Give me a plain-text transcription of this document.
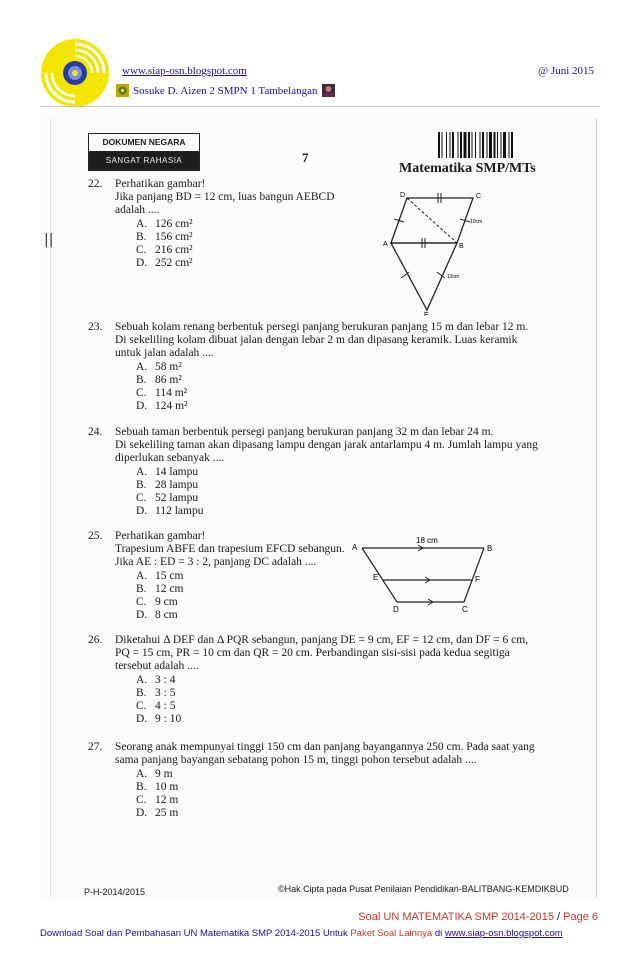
www.siap-osn.blogspot.com	@ Juni 2015
Sosuke D. Aizen 2 SMPN 1 Tambelangan
||
DOKUMEN NEGARA
SANGAT RAHASIA	7
Matematika SMP/MTs
22. Perhatikan gambar!
Jika panjang BD = 12 cm, luas bangun AEBCD adalah ....
A. 126 cm²
B. 156 cm²
C. 216 cm²
D. 252 cm²
D	C
A	B
E
10cm
13cm
23. Sebuah kolam renang berbentuk persegi panjang berukuran panjang 15 m dan lebar 12 m.
Di sekeliling kolam dibuat jalan dengan lebar 2 m dan dipasang keramik. Luas keramik
untuk jalan adalah ....
A. 58 m²
B. 86 m²
C. 114 m²
D. 124 m²
24. Sebuah taman berbentuk persegi panjang berukuran panjang 32 m dan lebar 24 m.
Di sekeliling taman akan dipasang lampu dengan jarak antarlampu 4 m. Jumlah lampu yang
diperlukan sebanyak ....
A. 14 lampu
B. 28 lampu
C. 52 lampu
D. 112 lampu
25. Perhatikan gambar!
Trapesium ABFE dan trapesium EFCD sebangun.
Jika AE : ED = 3 : 2, panjang DC adalah ....
A. 15 cm
B. 12 cm
C. 9 cm
D. 8 cm
A	B
E	F
D	C
18 cm
26. Diketahui Δ DEF dan Δ PQR sebangun, panjang DE = 9 cm, EF = 12 cm, dan DF = 6 cm,
PQ = 15 cm, PR = 10 cm dan QR = 20 cm. Perbandingan sisi-sisi pada kedua segitiga
tersebut adalah ....
A. 3 : 4
B. 3 : 5
C. 4 : 5
D. 9 : 10
27. Seorang anak mempunyai tinggi 150 cm dan panjang bayangannya 250 cm. Pada saat yang
sama panjang bayangan sebatang pohon 15 m, tinggi pohon tersebut adalah ....
A. 9 m
B. 10 m
C. 12 m
D. 25 m
P-H-2014/2015	©Hak Cipta pada Pusat Penilaian Pendidikan-BALITBANG-KEMDIKBUD
Soal UN MATEMATIKA SMP 2014-2015 / Page 6
Download Soal dan Pembahasan UN Matematika SMP 2014-2015 Untuk Paket Soal Lainnya di www.siap-osn.blogspot.com
